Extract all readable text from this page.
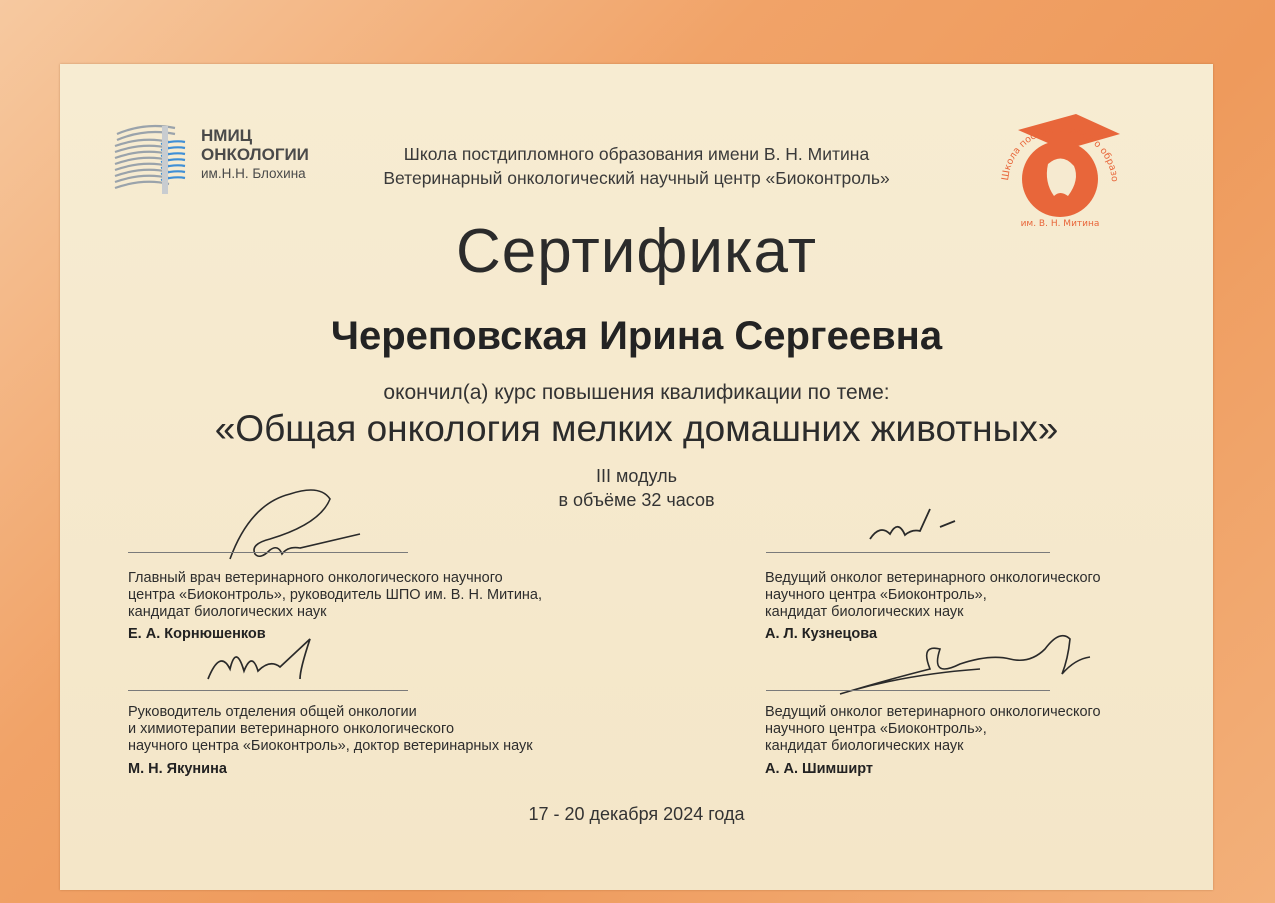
НМИЦ
ОНКОЛОГИИ
им.Н.Н. Блохина	Школа постдипломного образо
им. В. Н. Митина
Школа постдипломного образования имени В. Н. Митина
Ветеринарный онкологический научный центр «Биоконтроль»
Сертификат
Череповская Ирина Сергеевна
окончил(а) курс повышения квалификации по теме:
«Общая онкология мелких домашних животных»
III модуль
в объёме 32 часов
Главный врач ветеринарного онкологического научного
центра «Биоконтроль», руководитель ШПО им. В. Н. Митина,
кандидат биологических наук
Е. А. Корнюшенков
Ведущий онколог ветеринарного онкологического
научного центра «Биоконтроль»,
кандидат биологических наук
А. Л. Кузнецова
Руководитель отделения общей онкологии
и химиотерапии ветеринарного онкологического
научного центра «Биоконтроль», доктор ветеринарных наук
М. Н. Якунина
Ведущий онколог ветеринарного онкологического
научного центра «Биоконтроль»,
кандидат биологических наук
А. А. Шимширт
17 - 20 декабря 2024 года
